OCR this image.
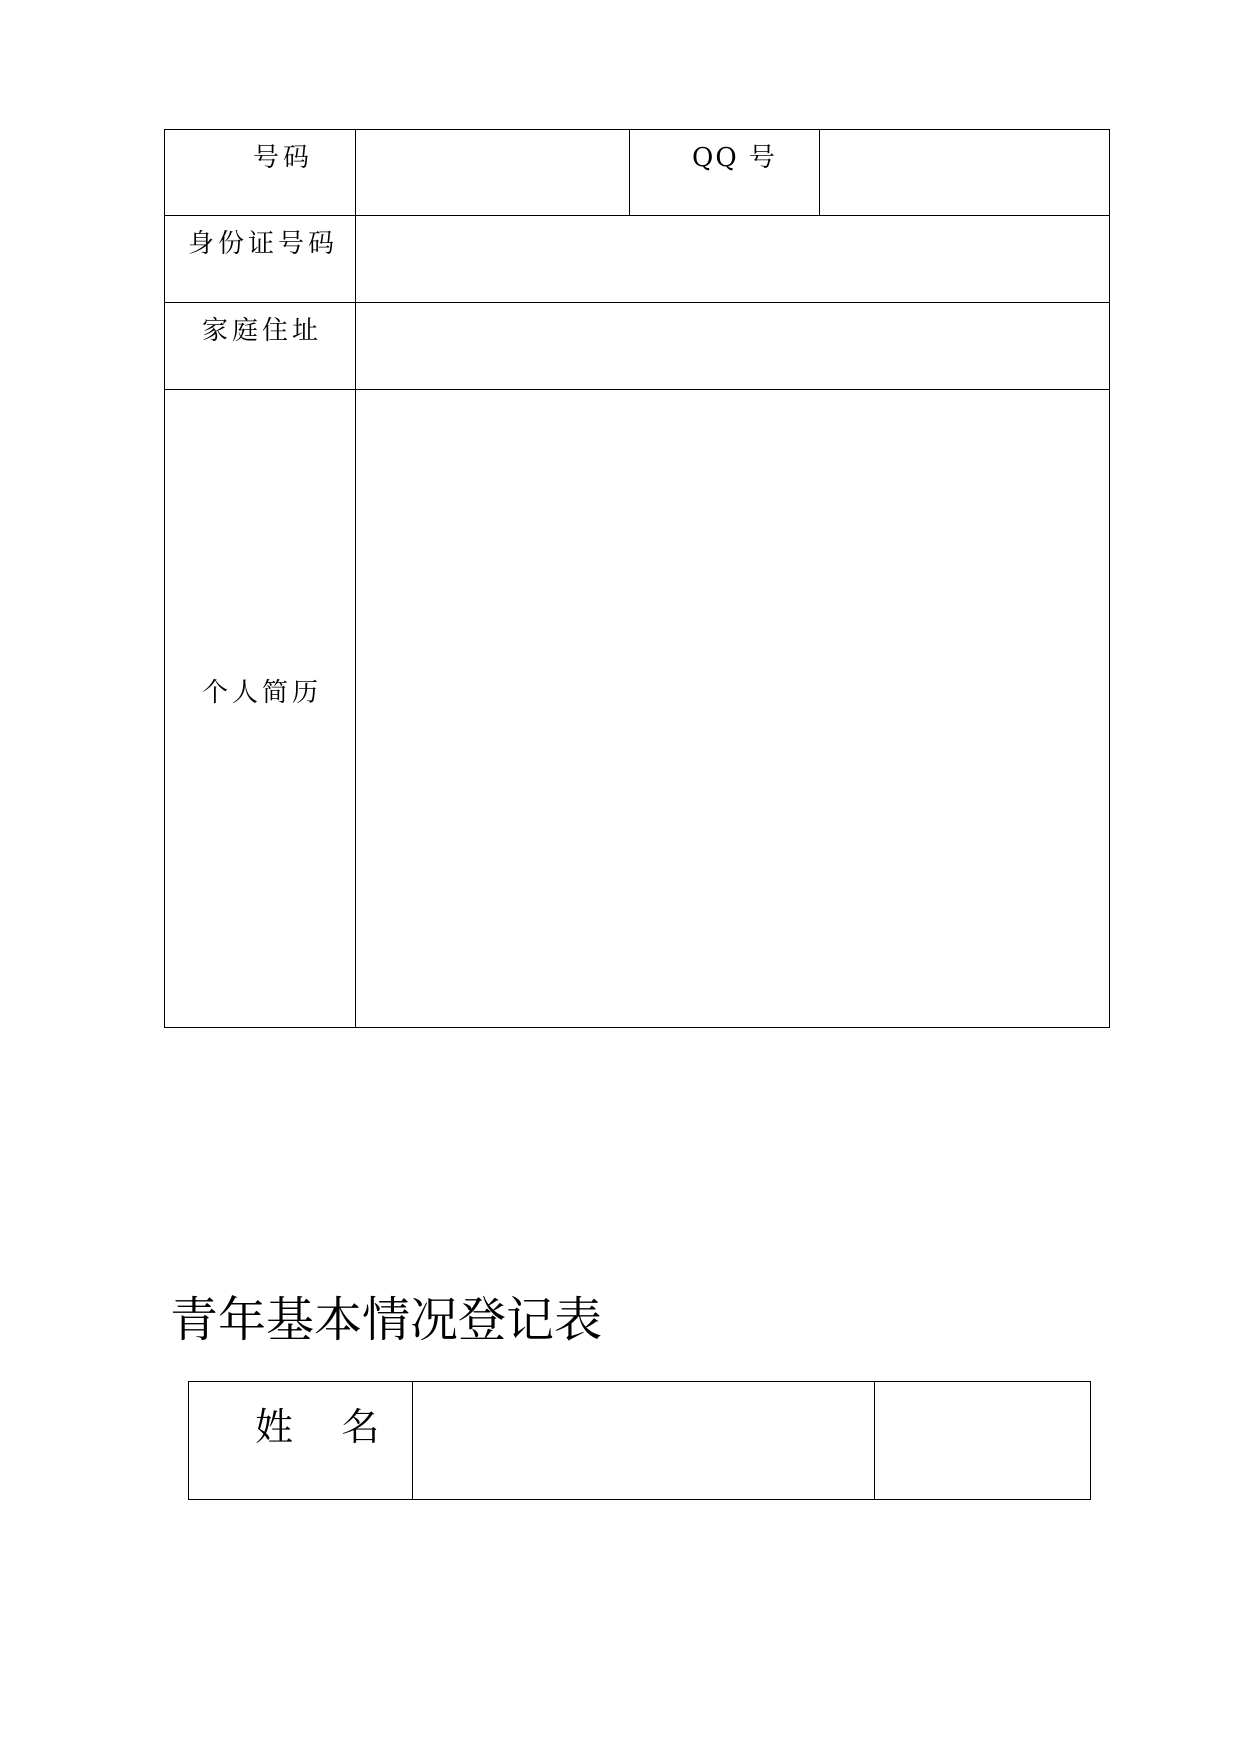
号码	QQ 号
身份证号码
家庭住址
个人简历
青年基本情况登记表
姓    名
